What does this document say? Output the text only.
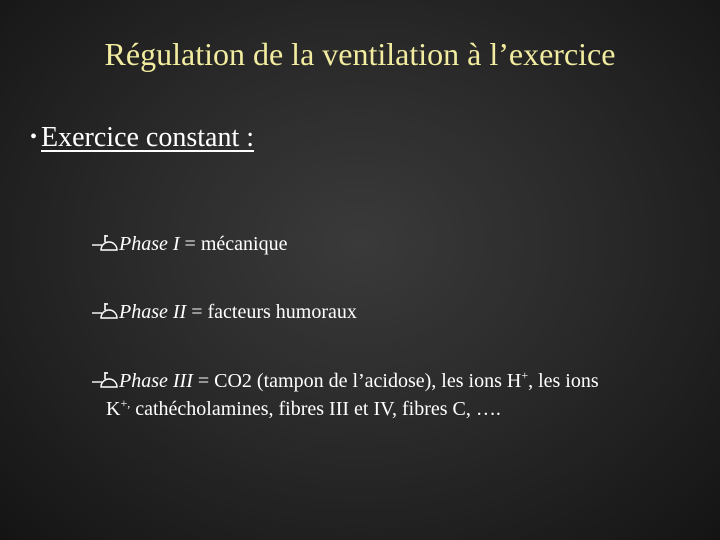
Régulation de la ventilation à l’exercice
• Exercice constant :
Phase I = mécanique
Phase II = facteurs humoraux
Phase III = CO2 (tampon de l’acidose), les ions H+, les ions
K+, cathécholamines, fibres III et IV, fibres C, ….
